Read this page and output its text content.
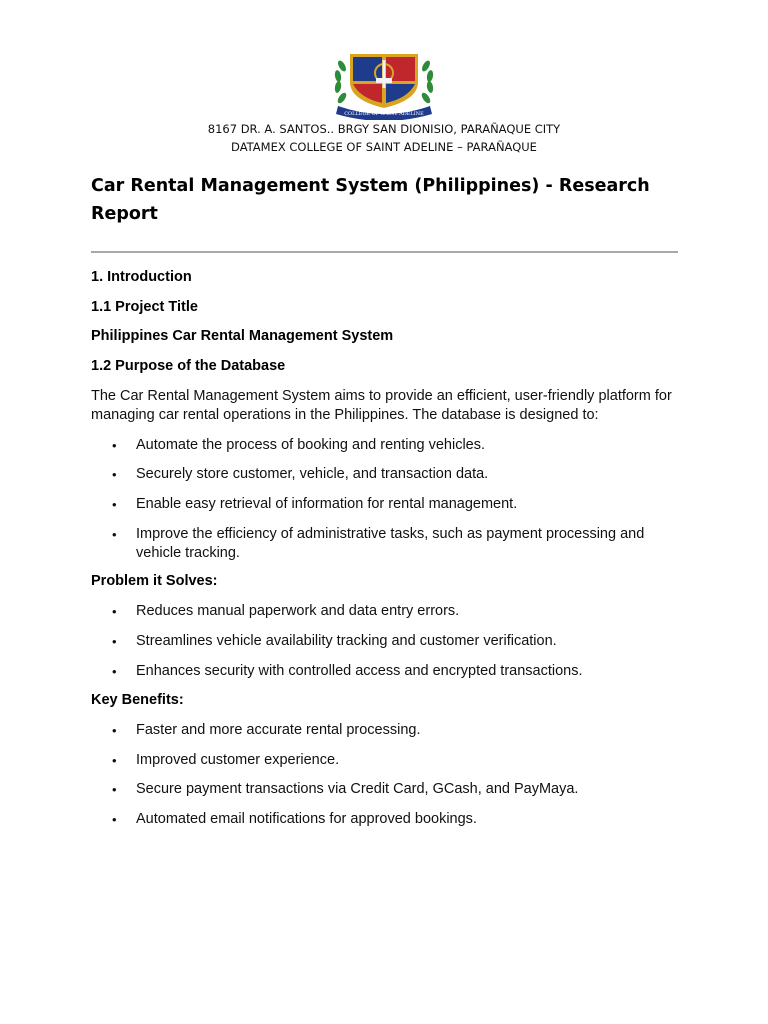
COLLEGE OF SAINT ADELINE
8167 DR. A. SANTOS.. BRGY SAN DIONISIO, PARAÑAQUE CITY
DATAMEX COLLEGE OF SAINT ADELINE – PARAÑAQUE
Car Rental Management System (Philippines) - Research Report
1. Introduction
1.1 Project Title
Philippines Car Rental Management System
1.2 Purpose of the Database
The Car Rental Management System aims to provide an efficient, user-friendly platform for managing car rental operations in the Philippines. The database is designed to:
• Automate the process of booking and renting vehicles.
• Securely store customer, vehicle, and transaction data.
• Enable easy retrieval of information for rental management.
• Improve the efficiency of administrative tasks, such as payment processing and vehicle tracking.
Problem it Solves:
• Reduces manual paperwork and data entry errors.
• Streamlines vehicle availability tracking and customer verification.
• Enhances security with controlled access and encrypted transactions.
Key Benefits:
• Faster and more accurate rental processing.
• Improved customer experience.
• Secure payment transactions via Credit Card, GCash, and PayMaya.
• Automated email notifications for approved bookings.
